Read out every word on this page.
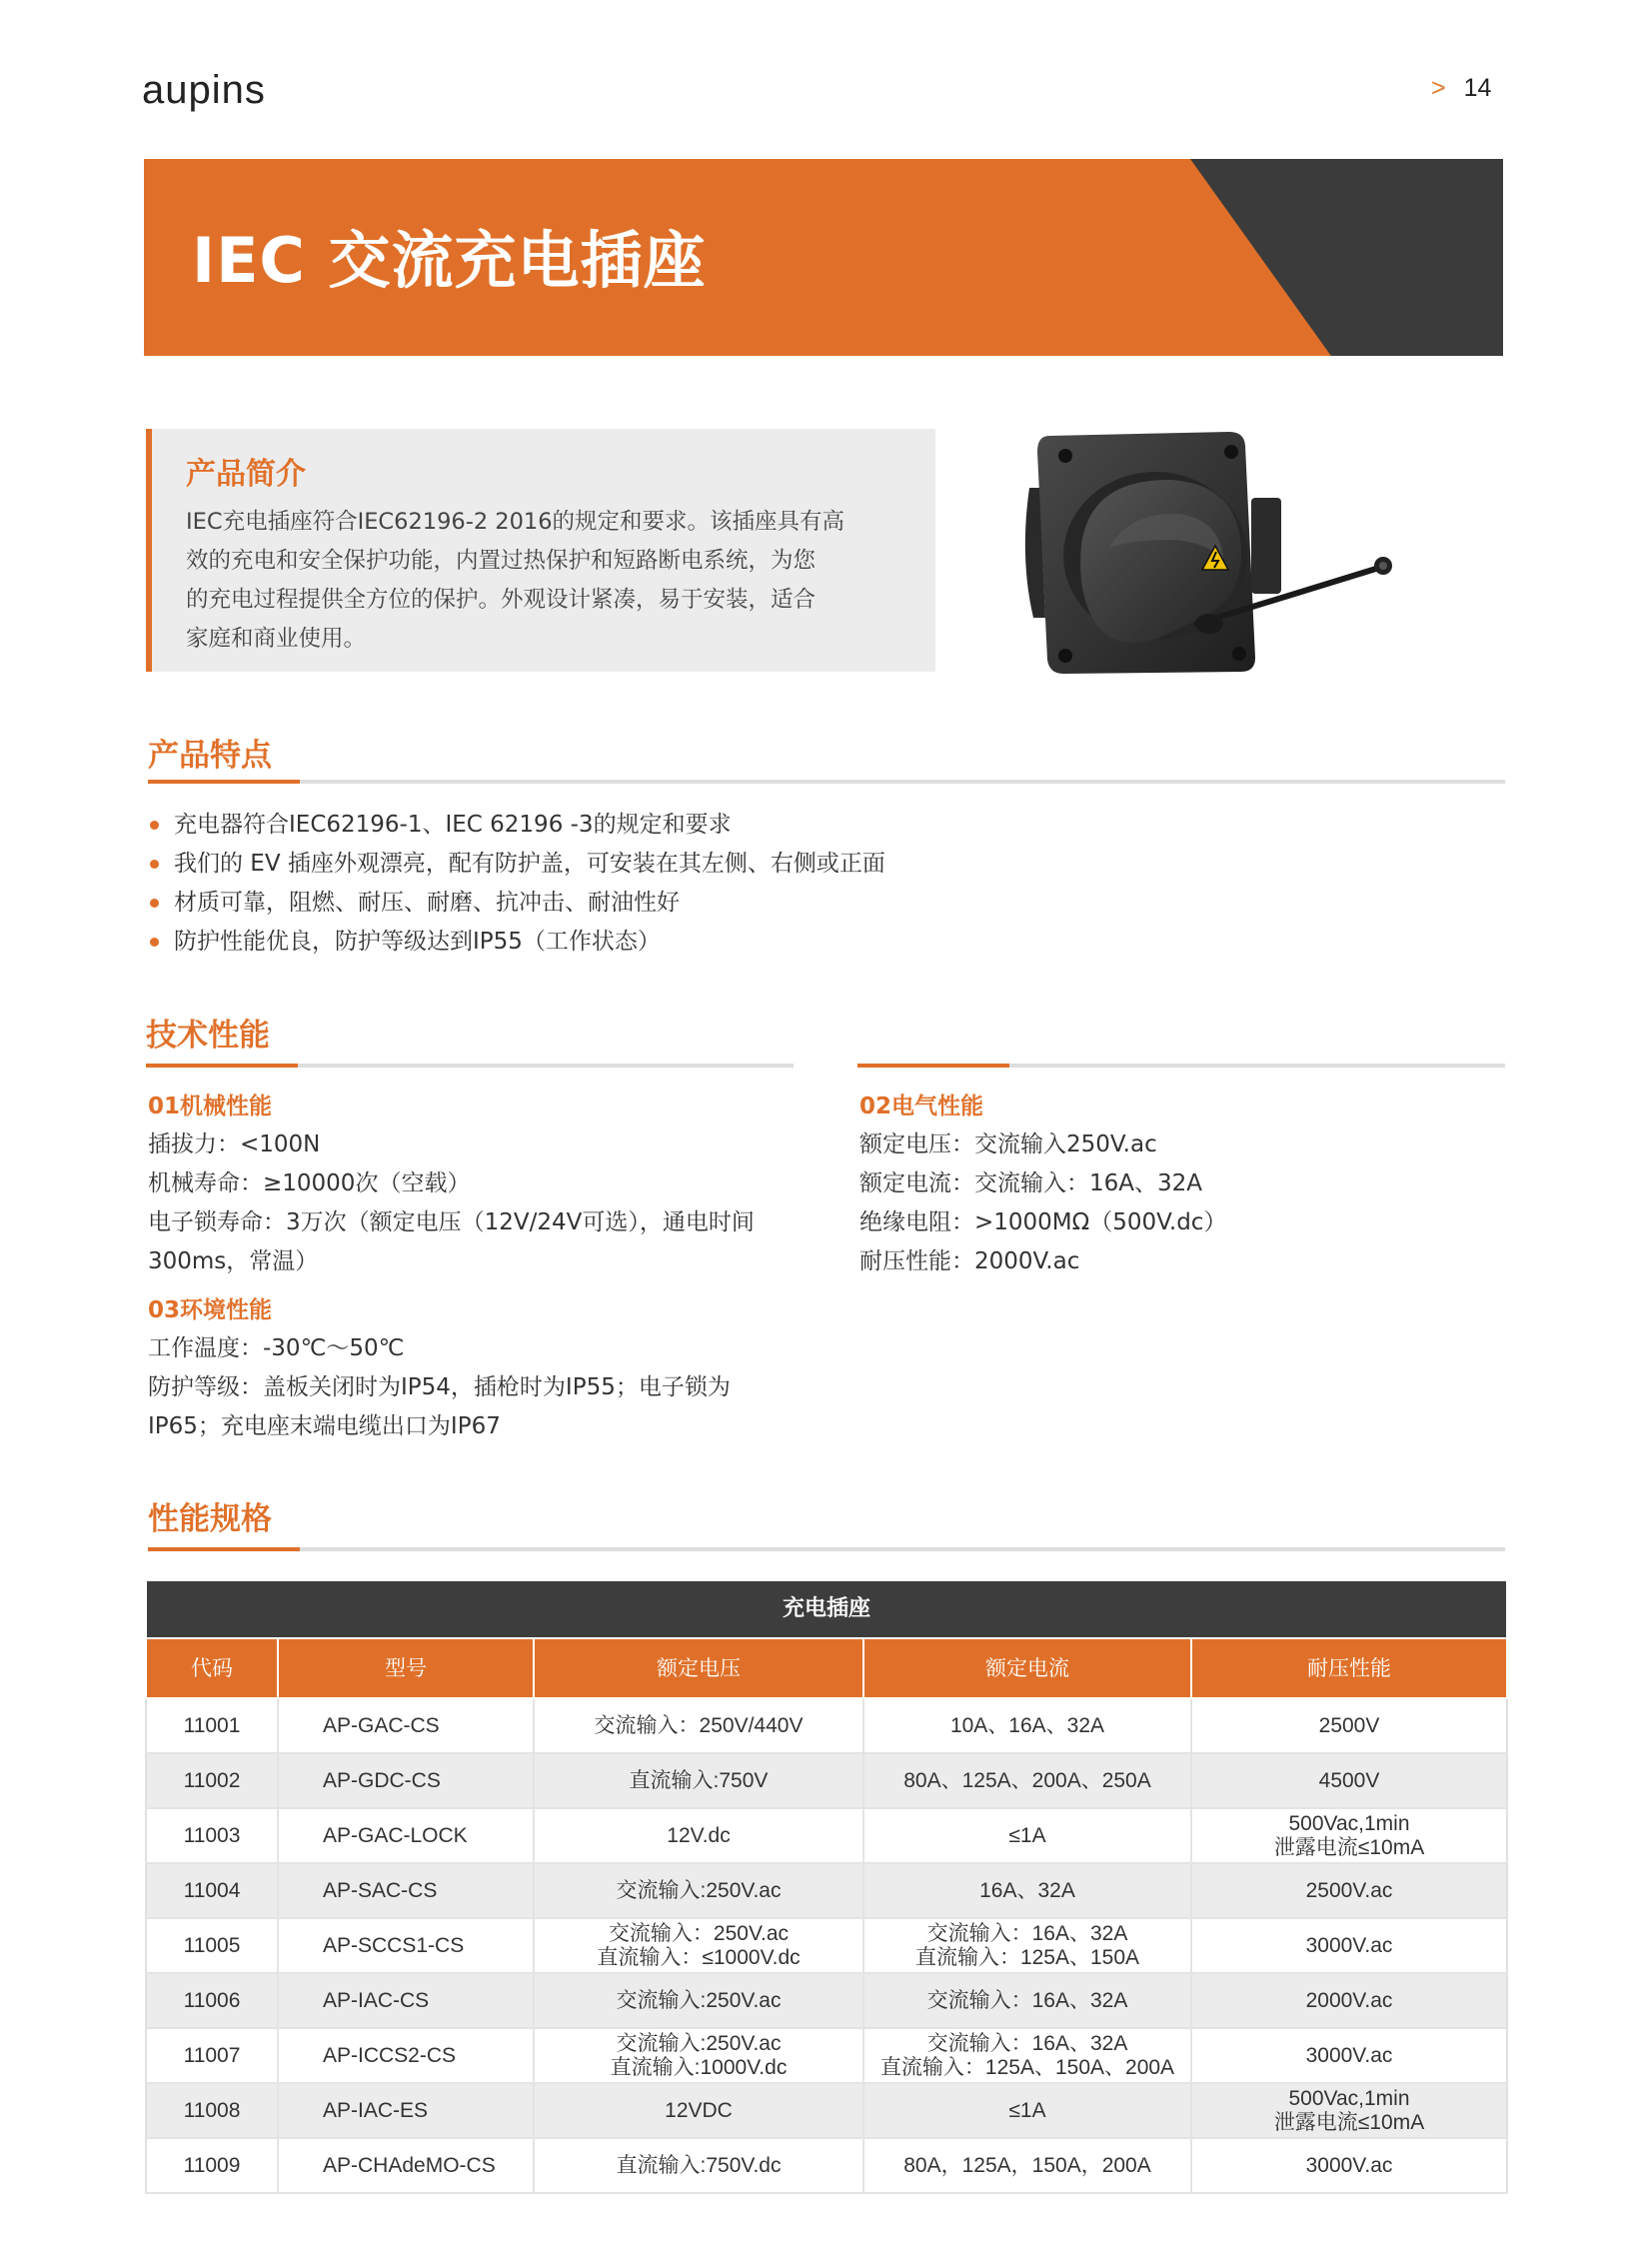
aupins	> 14
IEC 交流充电插座
产品简介

IEC充电插座符合IEC62196-2 2016的规定和要求。该插座具有高
效的充电和安全保护功能，内置过热保护和短路断电系统，为您
的充电过程提供全方位的保护。外观设计紧凑，易于安装，适合
家庭和商业使用。

产品特点
充电器符合IEC62196-1、IEC 62196 -3的规定和要求
我们的 EV 插座外观漂亮，配有防护盖，可安装在其左侧、右侧或正面
材质可靠，阻燃、耐压、耐磨、抗冲击、耐油性好
防护性能优良，防护等级达到IP55（工作状态）
技术性能
01机械性能
插拔力：<100N
机械寿命：≥10000次（空载）
电子锁寿命：3万次（额定电压（12V/24V可选），通电时间
300ms，常温）
03环境性能
工作温度：-30℃～50℃
防护等级：盖板关闭时为IP54，插枪时为IP55；电子锁为
IP65；充电座末端电缆出口为IP67
02电气性能
额定电压：交流输入250V.ac
额定电流：交流输入：16A、32A
绝缘电阻：>1000MΩ（500V.dc）
耐压性能：2000V.ac
性能规格
充电插座				
代码	型号	额定电压	额定电流	耐压性能
11001	AP-GAC-CS	交流输入：250V/440V	10A、16A、32A	2500V

11002	AP-GDC-CS	直流输入:750V	80A、125A、200A、250A	4500V

11003	AP-GAC-LOCK	12V.dc	≤1A	500Vac,1min
泄露电流≤10mA

11004	AP-SAC-CS	交流输入:250V.ac	16A、32A	2500V.ac

11005	AP-SCCS1-CS	交流输入：250V.ac
直流输入：≤1000V.dc	交流输入：16A、32A
直流输入：125A、150A	3000V.ac

11006	AP-IAC-CS	交流输入:250V.ac	交流输入：16A、32A	2000V.ac

11007	AP-ICCS2-CS	交流输入:250V.ac
直流输入:1000V.dc	交流输入：16A、32A
直流输入：125A、150A、200A	3000V.ac

11008	AP-IAC-ES	12VDC	≤1A	500Vac,1min
泄露电流≤10mA

11009	AP-CHAdeMO-CS	直流输入:750V.dc	80A，125A，150A，200A	3000V.ac
